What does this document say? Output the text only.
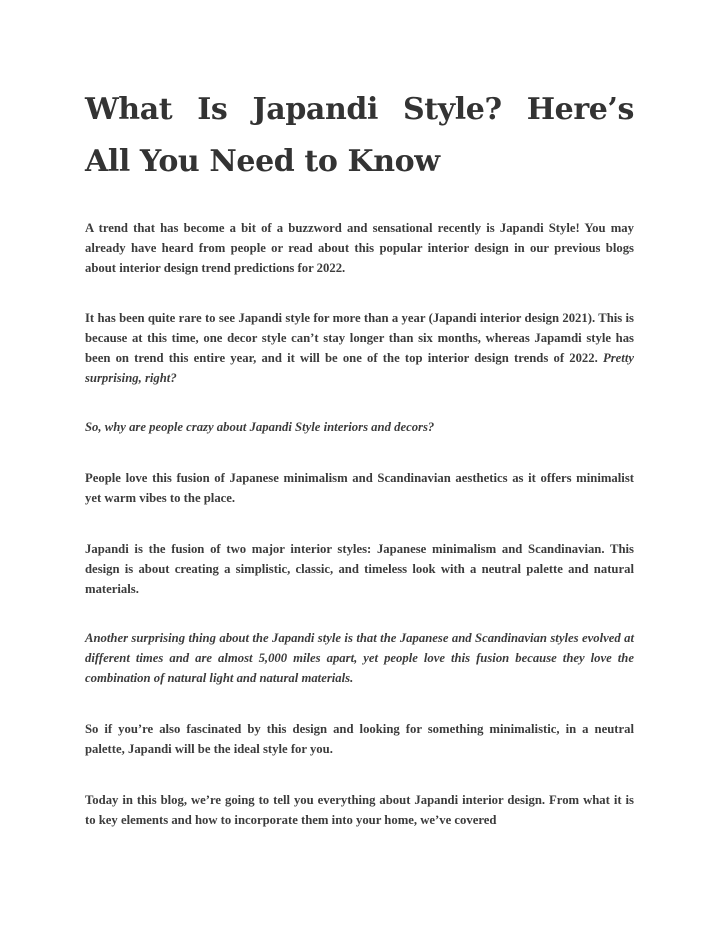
What Is Japandi Style? Here’s
All You Need to Know

A trend that has become a bit of a buzzword and sensational recently is Japandi Style! You may already have heard from people or read about this popular interior design in our previous blogs about interior design trend predictions for 2022.

It has been quite rare to see Japandi style for more than a year (Japandi interior design 2021). This is because at this time, one decor style can’t stay longer than six months, whereas Japamdi style has been on trend this entire year, and it will be one of the top interior design trends of 2022. Pretty surprising, right?

So, why are people crazy about Japandi Style interiors and decors?

People love this fusion of Japanese minimalism and Scandinavian aesthetics as it offers minimalist yet warm vibes to the place.

Japandi is the fusion of two major interior styles: Japanese minimalism and Scandinavian. This design is about creating a simplistic, classic, and timeless look with a neutral palette and natural materials.

Another surprising thing about the Japandi style is that the Japanese and Scandinavian styles evolved at different times and are almost 5,000 miles apart, yet people love this fusion because they love the combination of natural light and natural materials.

So if you’re also fascinated by this design and looking for something minimalistic, in a neutral palette, Japandi will be the ideal style for you.

Today in this blog, we’re going to tell you everything about Japandi interior design. From what it is to key elements and how to incorporate them into your home, we’ve covered
